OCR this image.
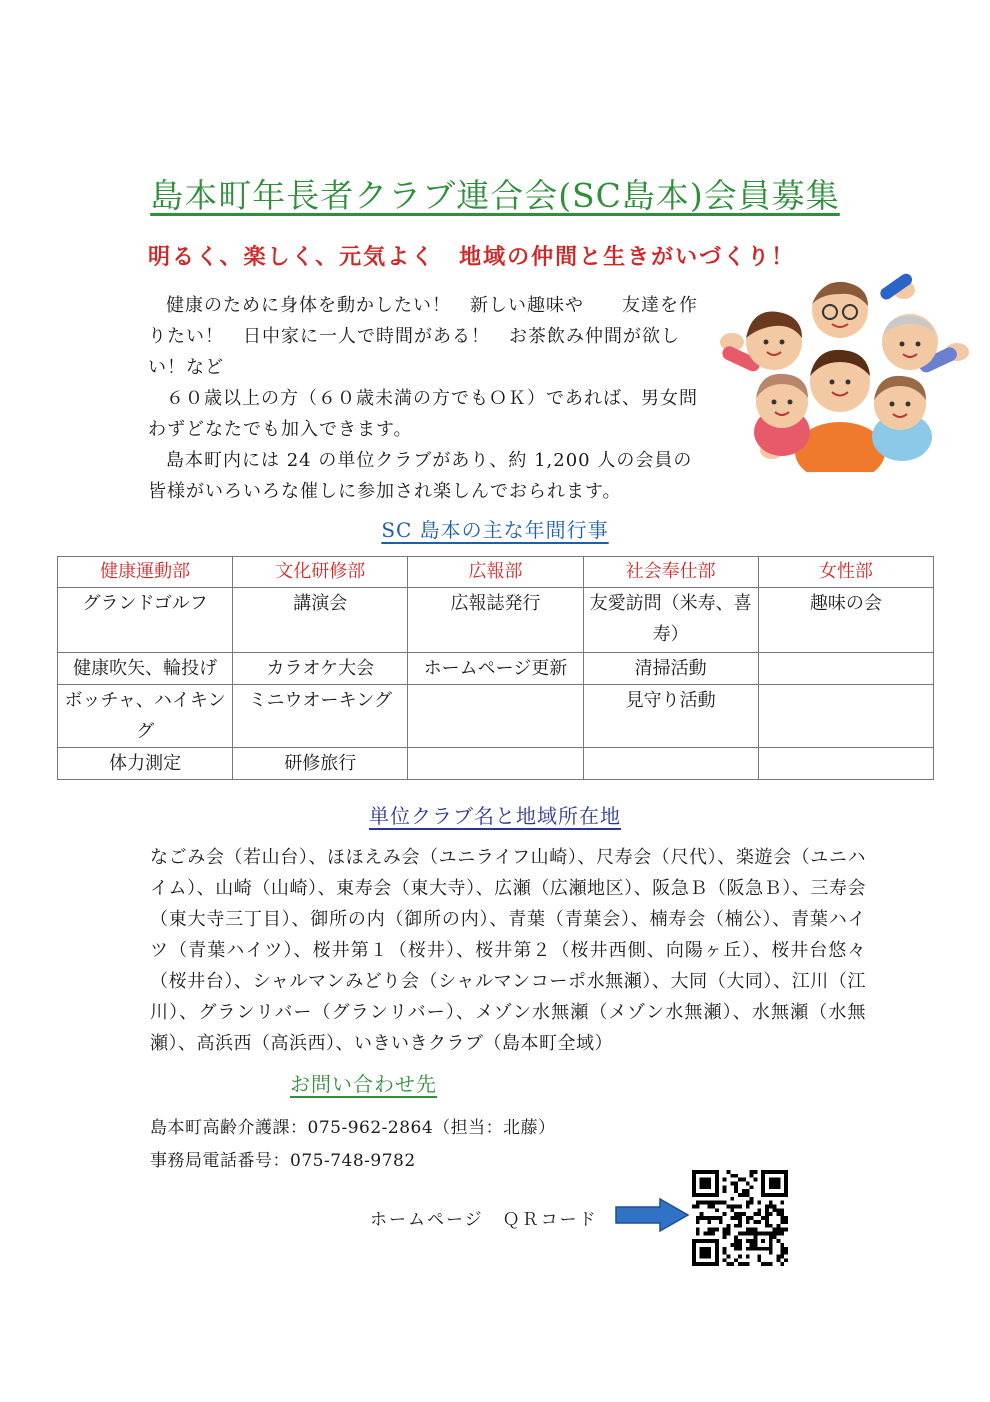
島本町年長者クラブ連合会(SC島本)会員募集
明るく、楽しく、元気よく　地域の仲間と生きがいづくり！

健康のために身体を動かしたい！　新しい趣味や　　友達を作りたい！　日中家に一人で時間がある！　お茶飲み仲間が欲しい！など

６０歳以上の方（６０歳未満の方でもＯＫ）であれば、男女問わずどなたでも加入できます。

島本町内には 24 の単位クラブがあり、約 1,200 人の会員の皆様がいろいろな催しに参加され楽しんでおられます。

SC 島本の主な年間行事
健康運動部	文化研修部	広報部	社会奉仕部	女性部
グランドゴルフ	講演会	広報誌発行	友愛訪問（米寿、喜寿）	趣味の会
健康吹矢、輪投げ	カラオケ大会	ホームページ更新	清掃活動	
ボッチャ、ハイキング	ミニウオーキング		見守り活動	
体力測定	研修旅行			
単位クラブ名と地域所在地
なごみ会（若山台）、ほほえみ会（ユニライフ山崎）、尺寿会（尺代）、楽遊会（ユニハイム）、山崎（山崎）、東寿会（東大寺）、広瀬（広瀬地区）、阪急Ｂ（阪急Ｂ）、三寿会（東大寺三丁目）、御所の内（御所の内）、青葉（青葉会）、楠寿会（楠公）、青葉ハイツ（青葉ハイツ）、桜井第１（桜井）、桜井第２（桜井西側、向陽ヶ丘）、桜井台悠々（桜井台）、シャルマンみどり会（シャルマンコーポ水無瀬）、大同（大同）、江川（江川）、グランリバー（グランリバー）、メゾン水無瀬（メゾン水無瀬）、水無瀬（水無瀬）、高浜西（高浜西）、いきいきクラブ（島本町全域）
お問い合わせ先
島本町高齢介護課：075-962-2864（担当：北藤）
事務局電話番号：075-748-9782
ホームページ　ＱＲコード
